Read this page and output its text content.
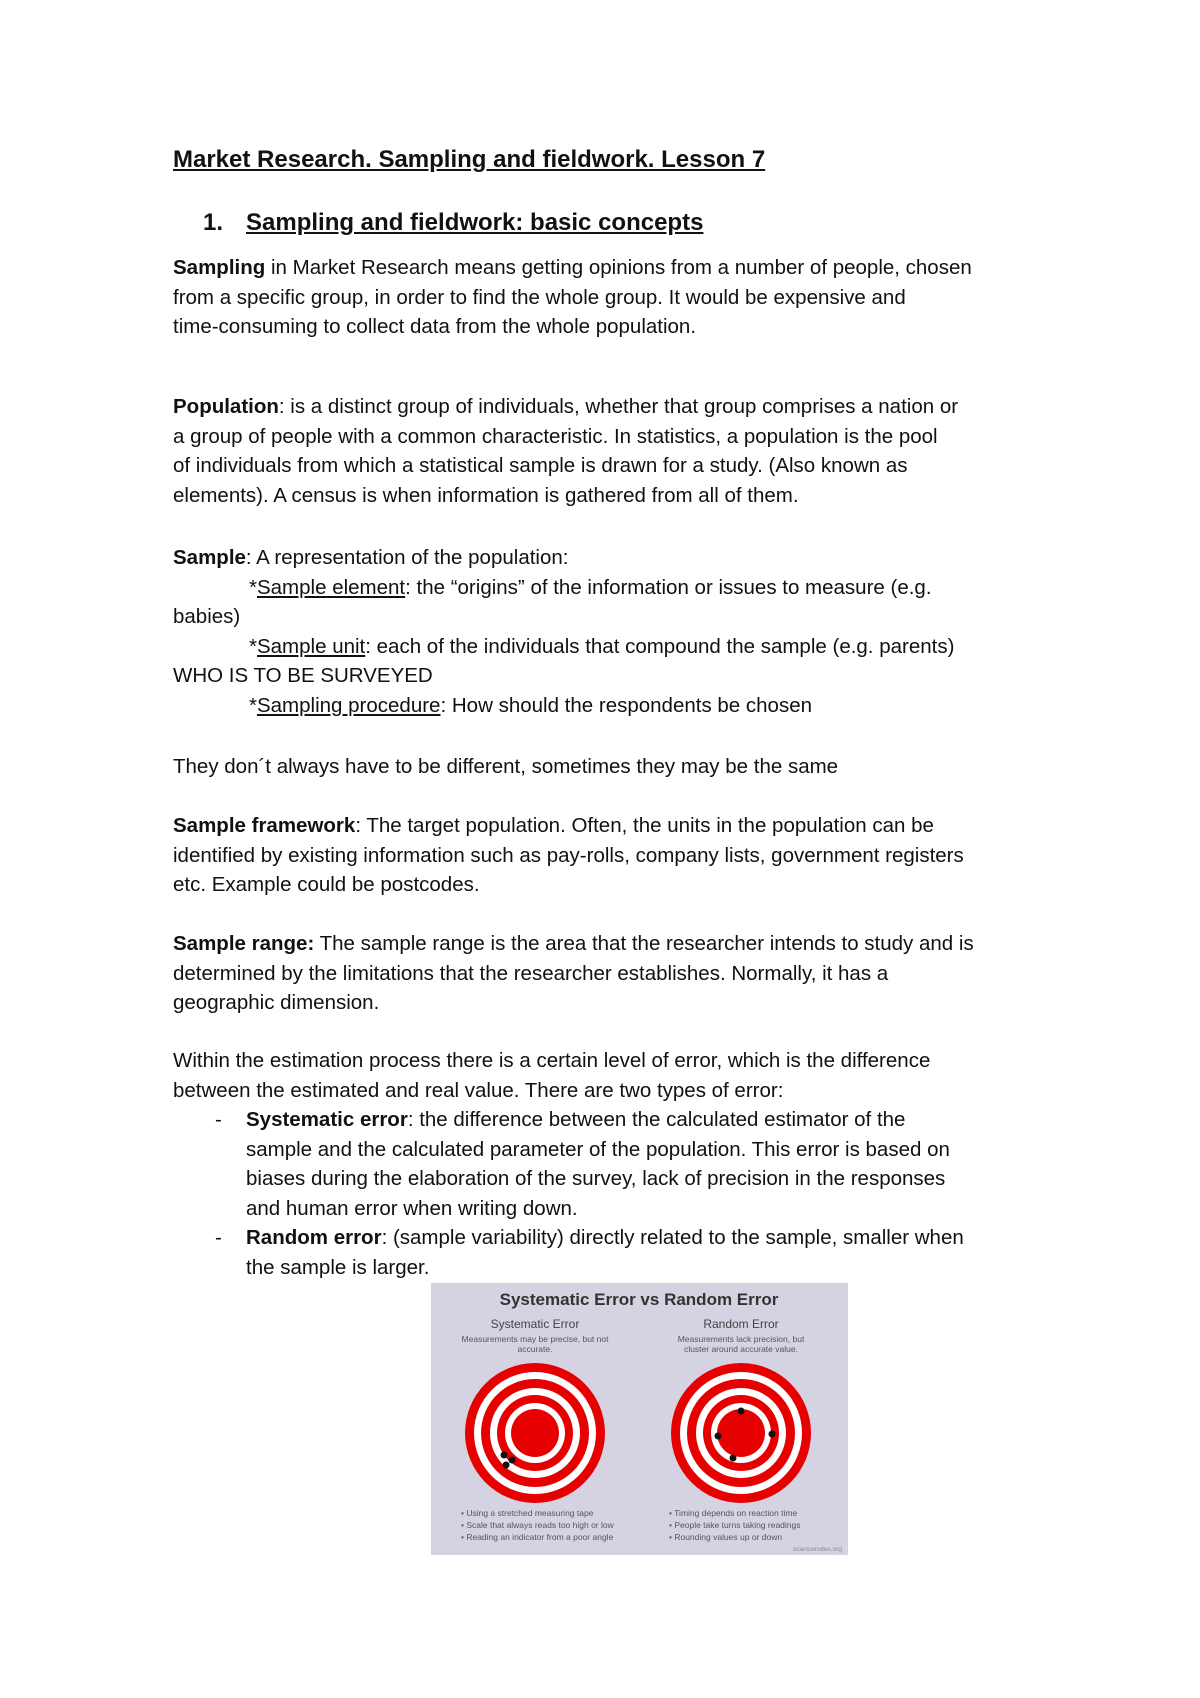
Market Research. Sampling and fieldwork. Lesson 7
1. Sampling and fieldwork: basic concepts

Sampling in Market Research means getting opinions from a number of people, chosen

from a specific group, in order to find the whole group. It would be expensive and

time-consuming to collect data from the whole population.

Population: is a distinct group of individuals, whether that group comprises a nation or

a group of people with a common characteristic. In statistics, a population is the pool

of individuals from which a statistical sample is drawn for a study. (Also known as

elements). A census is when information is gathered from all of them.

Sample: A representation of the population:

*Sample element: the “origins” of the information or issues to measure (e.g.

babies)

*Sample unit: each of the individuals that compound the sample (e.g. parents)

WHO IS TO BE SURVEYED

*Sampling procedure: How should the respondents be chosen

They don´t always have to be different, sometimes they may be the same

Sample framework: The target population. Often, the units in the population can be

identified by existing information such as pay-rolls, company lists, government registers

etc. Example could be postcodes.

Sample range: The sample range is the area that the researcher intends to study and is

determined by the limitations that the researcher establishes. Normally, it has a

geographic dimension.

Within the estimation process there is a certain level of error, which is the difference

between the estimated and real value. There are two types of error:

- Systematic error: the difference between the calculated estimator of the

sample and the calculated parameter of the population. This error is based on

biases during the elaboration of the survey, lack of precision in the responses

and human error when writing down.

- Random error: (sample variability) directly related to the sample, smaller when

the sample is larger.

Systematic Error vs Random Error
Systematic Error
Measurements may be precise, but not
accurate.
Random Error
Measurements lack precision, but
cluster around accurate value.
• Using a stretched measuring tape
• Scale that always reads too high or low
• Reading an indicator from a poor angle
• Timing depends on reaction time
• People take turns taking readings
• Rounding values up or down
sciencenotes.org
